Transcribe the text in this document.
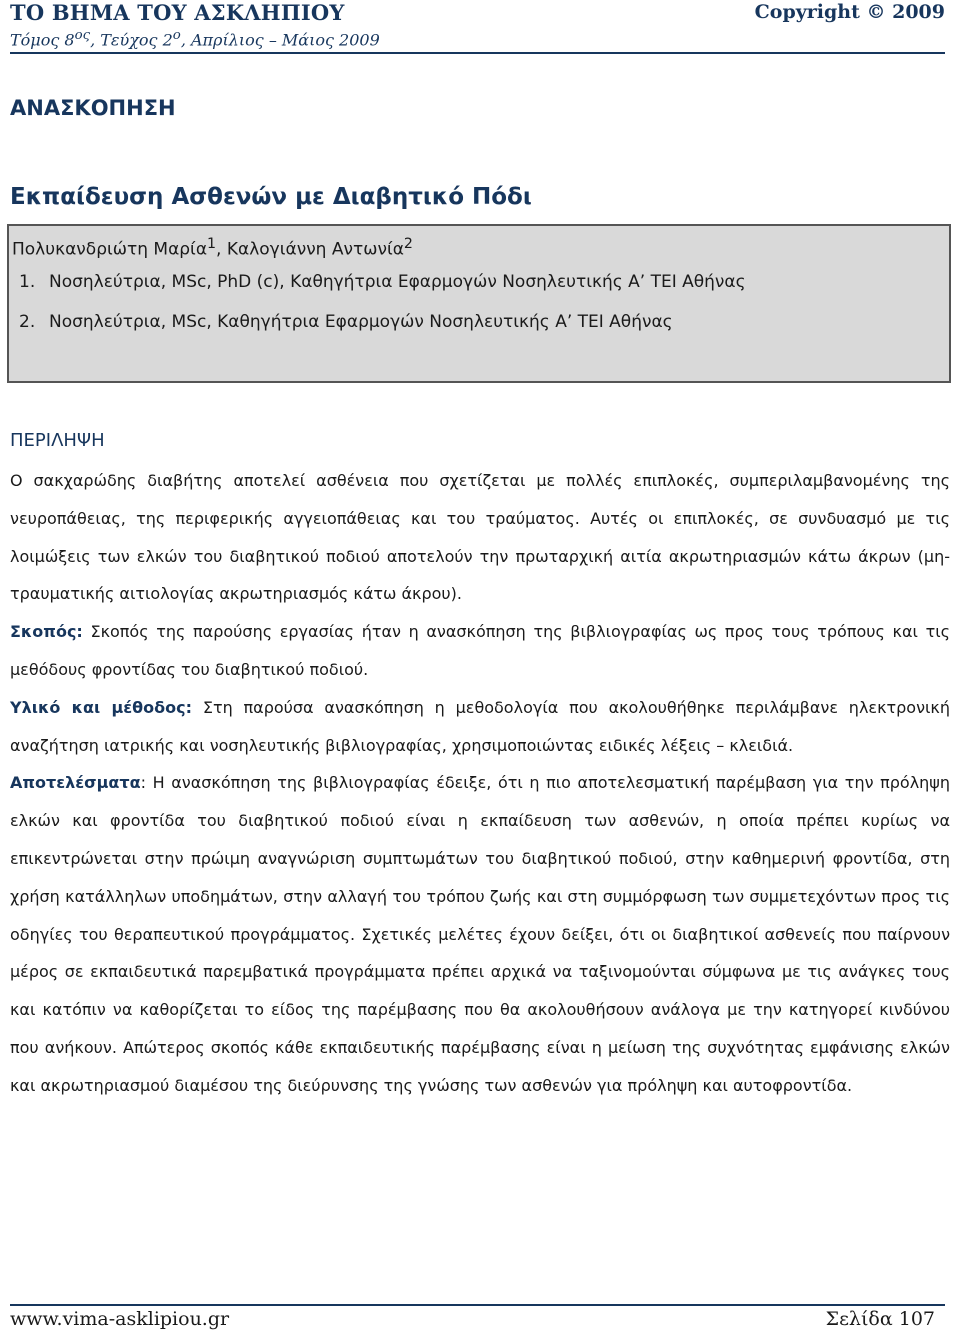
ΤΟ ΒΗΜΑ ΤΟΥ ΑΣΚΛΗΠΙΟΥ
Τόμος $8^{o\varsigma}$, Τεύχος $2^o$, Απρίλιος – Μάιος 2009
Copyright © 2009
ΑΝΑΣΚΟΠΗΣΗ
Εκπαίδευση Ασθενών με Διαβητικό Πόδι
Πολυκανδριώτη Μαρία$^1$, Καλογιάννη Αντωνία$^2$
1. Νοσηλεύτρια, MSc, PhD (c), Καθηγήτρια Εφαρμογών Νοσηλευτικής Α’ ΤΕΙ Αθήνας
2. Νοσηλεύτρια, MSc, Καθηγήτρια Εφαρμογών Νοσηλευτικής Α’ ΤΕΙ Αθήνας
ΠΕΡΙΛΗΨΗ

Ο σακχαρώδης διαβήτης αποτελεί ασθένεια που σχετίζεται με πολλές επιπλοκές, συμπεριλαμβανομένης της νευροπάθειας, της περιφερικής αγγειοπάθειας και του τραύματος. Αυτές οι επιπλοκές, σε συνδυασμό με τις λοιμώξεις των ελκών του διαβητικού ποδιού αποτελούν την πρωταρχική αιτία ακρωτηριασμών κάτω άκρων (μη-τραυματικής αιτιολογίας ακρωτηριασμός κάτω άκρου).

Σκοπός: Σκοπός της παρούσης εργασίας ήταν η ανασκόπηση της βιβλιογραφίας ως προς τους τρόπους και τις μεθόδους φροντίδας του διαβητικού ποδιού.

Υλικό και μέθοδος: Στη παρούσα ανασκόπηση η μεθοδολογία που ακολουθήθηκε περιλάμβανε ηλεκτρονική αναζήτηση ιατρικής και νοσηλευτικής βιβλιογραφίας, χρησιμοποιώντας ειδικές λέξεις – κλειδιά.

Αποτελέσματα: Η ανασκόπηση της βιβλιογραφίας έδειξε, ότι η πιο αποτελεσματική παρέμβαση για την πρόληψη ελκών και φροντίδα του διαβητικού ποδιού είναι η εκπαίδευση των ασθενών, η οποία πρέπει κυρίως να επικεντρώνεται στην πρώιμη αναγνώριση συμπτωμάτων του διαβητικού ποδιού, στην καθημερινή φροντίδα, στη χρήση κατάλληλων υποδημάτων, στην αλλαγή του τρόπου ζωής και στη συμμόρφωση των συμμετεχόντων προς τις οδηγίες του θεραπευτικού προγράμματος. Σχετικές μελέτες έχουν δείξει, ότι οι διαβητικοί ασθενείς που παίρνουν μέρος σε εκπαιδευτικά παρεμβατικά προγράμματα πρέπει αρχικά να ταξινομούνται σύμφωνα με τις ανάγκες τους και κατόπιν να καθορίζεται το είδος της παρέμβασης που θα ακολουθήσουν ανάλογα με την κατηγορεί κινδύνου που ανήκουν. Απώτερος σκοπός κάθε εκπαιδευτικής παρέμβασης είναι η μείωση της συχνότητας εμφάνισης ελκών και ακρωτηριασμού διαμέσου της διεύρυνσης της γνώσης των ασθενών για πρόληψη και αυτοφροντίδα.

www.vima-asklipiou.gr	Σελίδα 107
